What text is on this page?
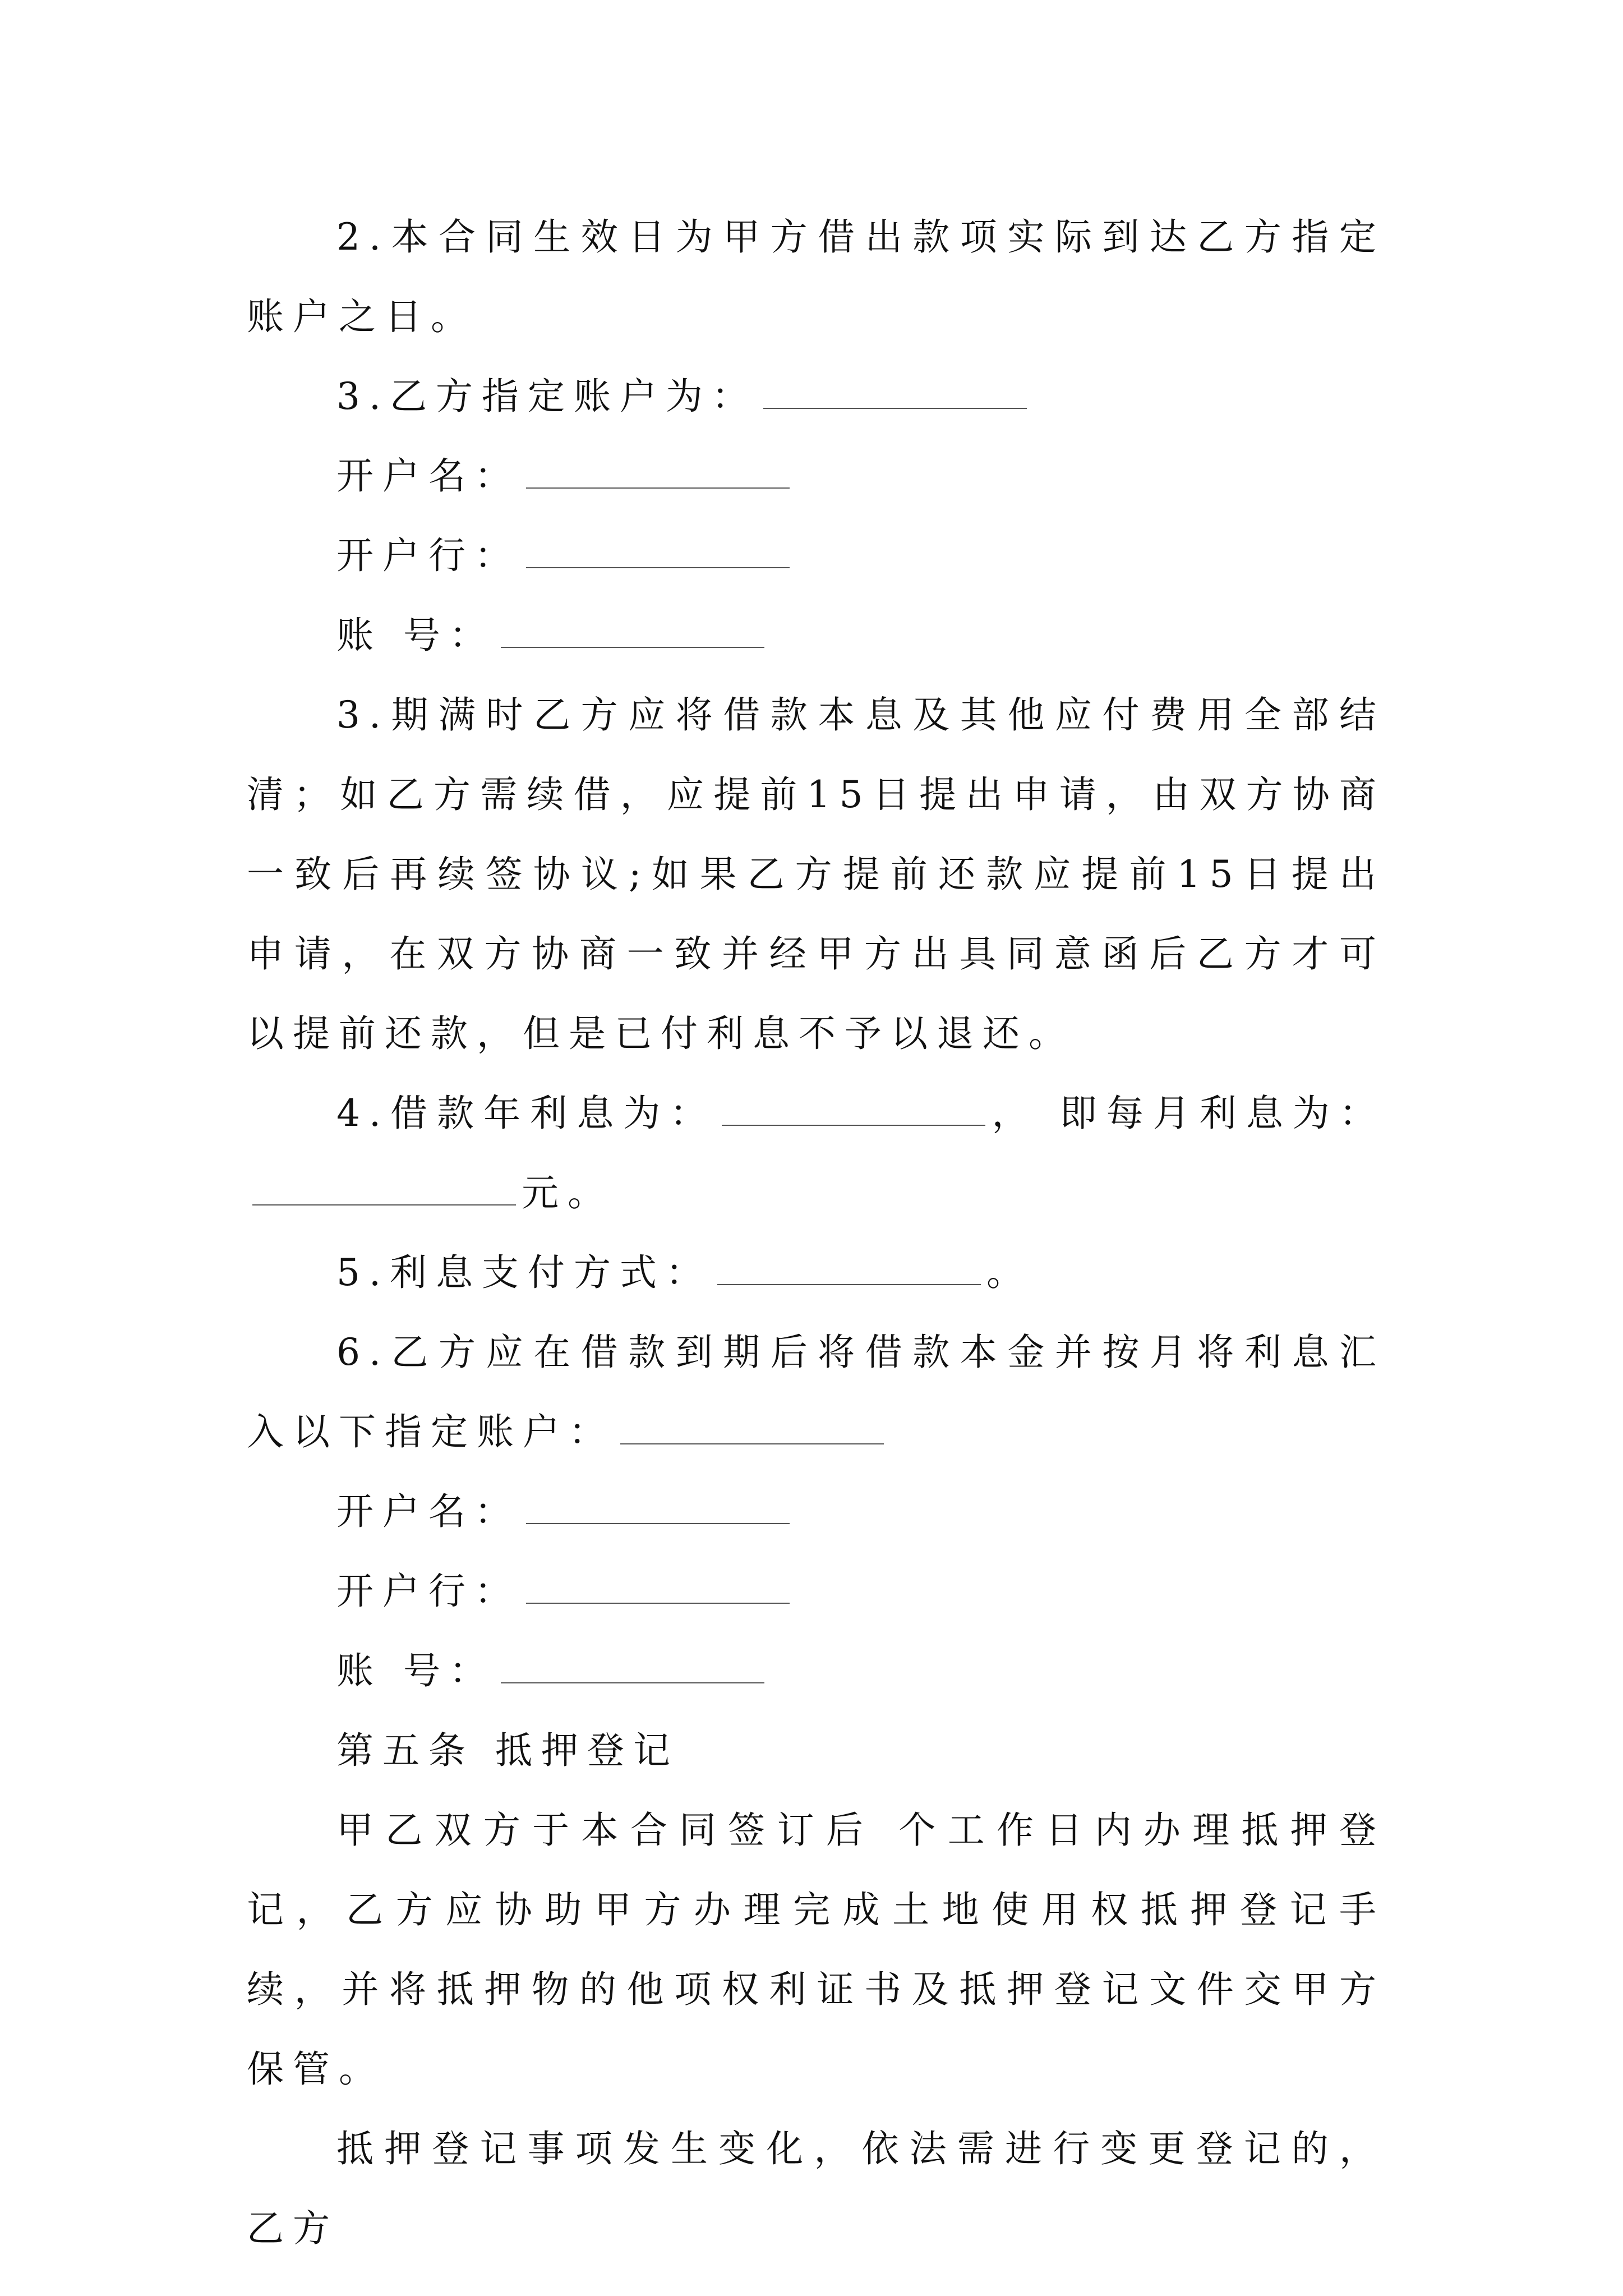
2.本合同生效日为甲方借出款项实际到达乙方指定账户之日。

3.乙方指定账户为：

开户名：

开户行：

账 号：

3.期满时乙方应将借款本息及其他应付费用全部结清；如乙方需续借，应提前15日提出申请，由双方协商一致后再续签协议;如果乙方提前还款应提前15日提出申请，在双方协商一致并经甲方出具同意函后乙方才可以提前还款，但是已付利息不予以退还。

4.借款年利息为：	， 即每月利息为：元。

5.利息支付方式：	。

6.乙方应在借款到期后将借款本金并按月将利息汇入以下指定账户：

开户名：

开户行：

账 号：

第五条 抵押登记

甲乙双方于本合同签订后 个工作日内办理抵押登记，乙方应协助甲方办理完成土地使用权抵押登记手续，并将抵押物的他项权利证书及抵押登记文件交甲方保管。

抵押登记事项发生变化，依法需进行变更登记的，乙方
